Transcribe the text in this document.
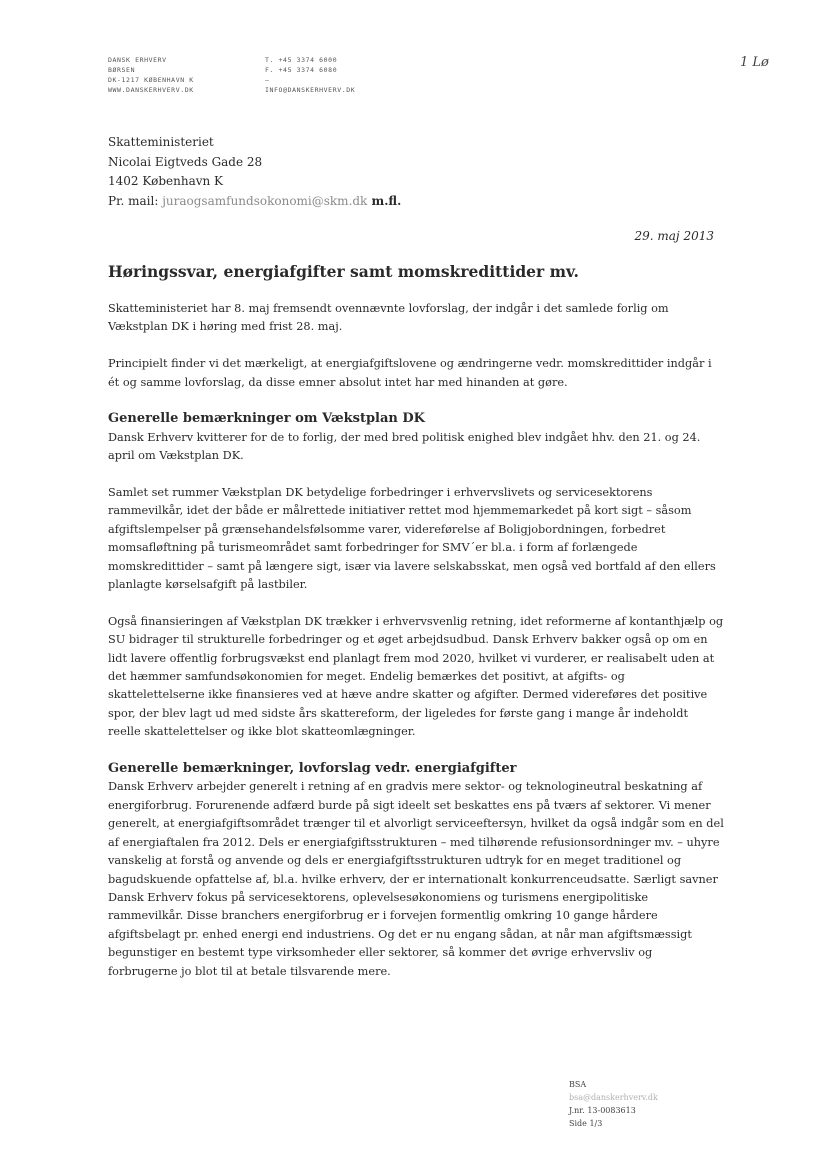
DANSK ERHVERV
BØRSEN
DK-1217 KØBENHAVN K
WWW.DANSKERHVERV.DK
T. +45 3374 6000
F. +45 3374 6080
–
INFO@DANSKERHVERV.DK
1 Lø
Skatteministeriet
Nicolai Eigtveds Gade 28
1402 København K
Pr. mail: juraogsamfundsokonomi@skm.dk m.fl.
29. maj 2013
Høringssvar, energiafgifter samt momskredittider mv.

Skatteministeriet har 8. maj fremsendt ovennævnte lovforslag, der indgår i det samlede forlig om Vækstplan DK i høring med frist 28. maj.

Principielt finder vi det mærkeligt, at energiafgiftslovene og ændringerne vedr. momskredittider indgår i ét og samme lovforslag, da disse emner absolut intet har med hinanden at gøre.

Generelle bemærkninger om Vækstplan DK

Dansk Erhverv kvitterer for de to forlig, der med bred politisk enighed blev indgået hhv. den 21. og 24. april om Vækstplan DK.

Samlet set rummer Vækstplan DK betydelige forbedringer i erhvervslivets og servicesektorens rammevilkår, idet der både er målrettede initiativer rettet mod hjemmemarkedet på kort sigt – såsom afgiftslempelser på grænsehandelsfølsomme varer, videreførelse af Boligjobordningen, forbedret momsafløftning på turismeområdet samt forbedringer for SMV´er bl.a. i form af forlængede momskredittider – samt på længere sigt, især via lavere selskabsskat, men også ved bortfald af den ellers planlagte kørselsafgift på lastbiler.

Også finansieringen af Vækstplan DK trækker i erhvervsvenlig retning, idet reformerne af kontanthjælp og SU bidrager til strukturelle forbedringer og et øget arbejdsudbud. Dansk Erhverv bakker også op om en lidt lavere offentlig forbrugsvækst end planlagt frem mod 2020, hvilket vi vurderer, er realisabelt uden at det hæmmer samfundsøkonomien for meget. Endelig bemærkes det positivt, at afgifts- og skattelettelserne ikke finansieres ved at hæve andre skatter og afgifter. Dermed videreføres det positive spor, der blev lagt ud med sidste års skattereform, der ligeledes for første gang i mange år indeholdt reelle skattelettelser og ikke blot skatteomlægninger.

Generelle bemærkninger, lovforslag vedr. energiafgifter

Dansk Erhverv arbejder generelt i retning af en gradvis mere sektor- og teknologineutral beskatning af energiforbrug. Forurenende adfærd burde på sigt ideelt set beskattes ens på tværs af sektorer. Vi mener generelt, at energiafgiftsområdet trænger til et alvorligt serviceeftersyn, hvilket da også indgår som en del af energiaftalen fra 2012. Dels er energiafgiftsstrukturen – med tilhørende refusionsordninger mv. – uhyre vanskelig at forstå og anvende og dels er energiafgiftsstrukturen udtryk for en meget traditionel og bagudskuende opfattelse af, bl.a. hvilke erhverv, der er internationalt konkurrenceudsatte. Særligt savner Dansk Erhverv fokus på servicesektorens, oplevelsesøkonomiens og turismens energipolitiske rammevilkår. Disse branchers energiforbrug er i forvejen formentlig omkring 10 gange hårdere afgiftsbelagt pr. enhed energi end industriens. Og det er nu engang sådan, at når man afgiftsmæssigt begunstiger en bestemt type virksomheder eller sektorer, så kommer det øvrige erhvervsliv og forbrugerne jo blot til at betale tilsvarende mere.

BSA
bsa@danskerhverv.dk
J.nr. 13-0083613
Side 1/3
